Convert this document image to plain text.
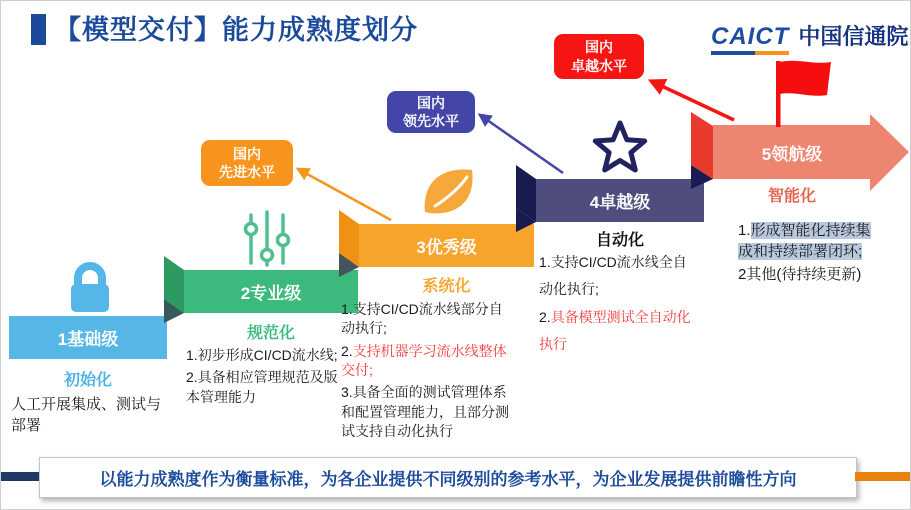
【模型交付】能力成熟度划分	CAICT 中国信通院
1基础级
2专业级
3优秀级
4卓越级
5领航级
初始化
规范化
系统化
自动化
智能化
人工开展集成、测试与部署
1.初步形成CI/CD流水线;
2.具备相应管理规范及版本管理能力
1.支持CI/CD流水线部分自动执行;
2.支持机器学习流水线整体交付;
3.具备全面的测试管理体系和配置管理能力，且部分测试支持自动化执行
1.支持CI/CD流水线全自动化执行;
2.具备模型测试全自动化执行
1.形成智能化持续集成和持续部署闭环;
2其他(待持续更新)
国内
先进水平
国内
领先水平
国内
卓越水平
以能力成熟度作为衡量标准，为各企业提供不同级别的参考水平，为企业发展提供前瞻性方向
